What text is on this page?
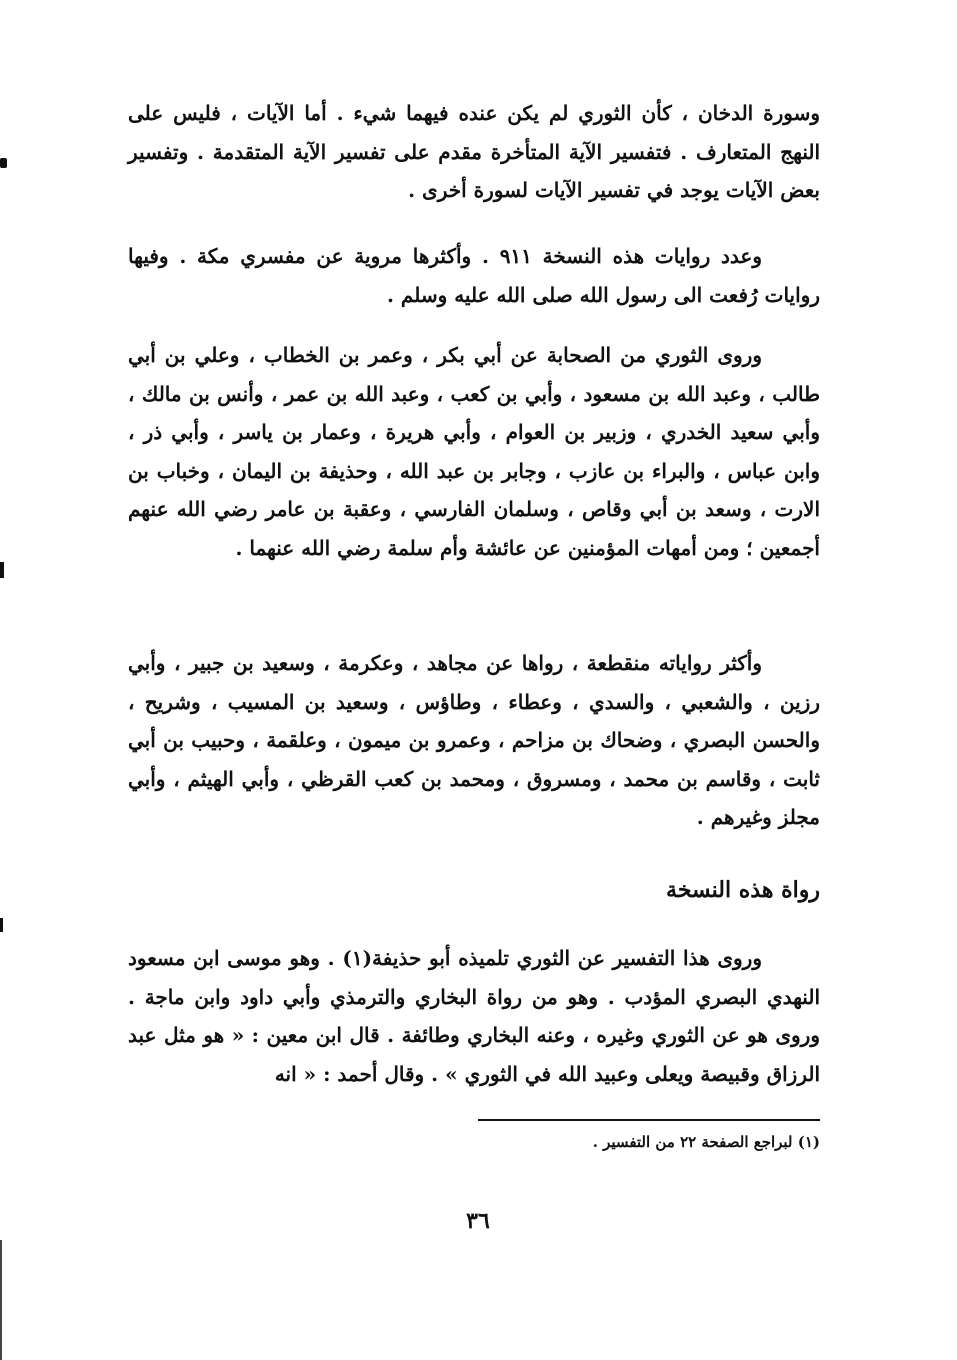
وسورة الدخان ، كأن الثوري لم يكن عنده فيهما شيء . أما الآيات ، فليس على النهج المتعارف . فتفسير الآية المتأخرة مقدم على تفسير الآية المتقدمة . وتفسير بعض الآيات يوجد في تفسير الآيات لسورة أخرى .

وعدد روايات هذه النسخة ٩١١ . وأكثرها مروية عن مفسري مكة . وفيها روايات رُفعت الى رسول الله صلى الله عليه وسلم .

وروى الثوري من الصحابة عن أبي بكر ، وعمر بن الخطاب ، وعلي بن أبي طالب ، وعبد الله بن مسعود ، وأبي بن كعب ، وعبد الله بن عمر ، وأنس بن مالك ، وأبي سعيد الخدري ، وزبير بن العوام ، وأبي هريرة ، وعمار بن ياسر ، وأبي ذر ، وابن عباس ، والبراء بن عازب ، وجابر بن عبد الله ، وحذيفة بن اليمان ، وخباب بن الارت ، وسعد بن أبي وقاص ، وسلمان الفارسي ، وعقبة بن عامر رضي الله عنهم أجمعين ؛ ومن أمهات المؤمنين عن عائشة وأم سلمة رضي الله عنهما .

وأكثر رواياته منقطعة ، رواها عن مجاهد ، وعكرمة ، وسعيد بن جبير ، وأبي رزين ، والشعبي ، والسدي ، وعطاء ، وطاؤس ، وسعيد بن المسيب ، وشريح ، والحسن البصري ، وضحاك بن مزاحم ، وعمرو بن ميمون ، وعلقمة ، وحبيب بن أبي ثابت ، وقاسم بن محمد ، ومسروق ، ومحمد بن كعب القرظي ، وأبي الهيثم ، وأبي مجلز وغيرهم .

رواة هذه النسخة

وروى هذا التفسير عن الثوري تلميذه أبو حذيفة(١) . وهو موسى ابن مسعود النهدي البصري المؤدب . وهو من رواة البخاري والترمذي وأبي داود وابن ماجة . وروى هو عن الثوري وغيره ، وعنه البخاري وطائفة . قال ابن معين : « هو مثل عبد الرزاق وقبيصة ويعلى وعبيد الله في الثوري » . وقال أحمد : « انه

(١) لبراجع الصفحة ٢٢ من التفسير .

٣٦
